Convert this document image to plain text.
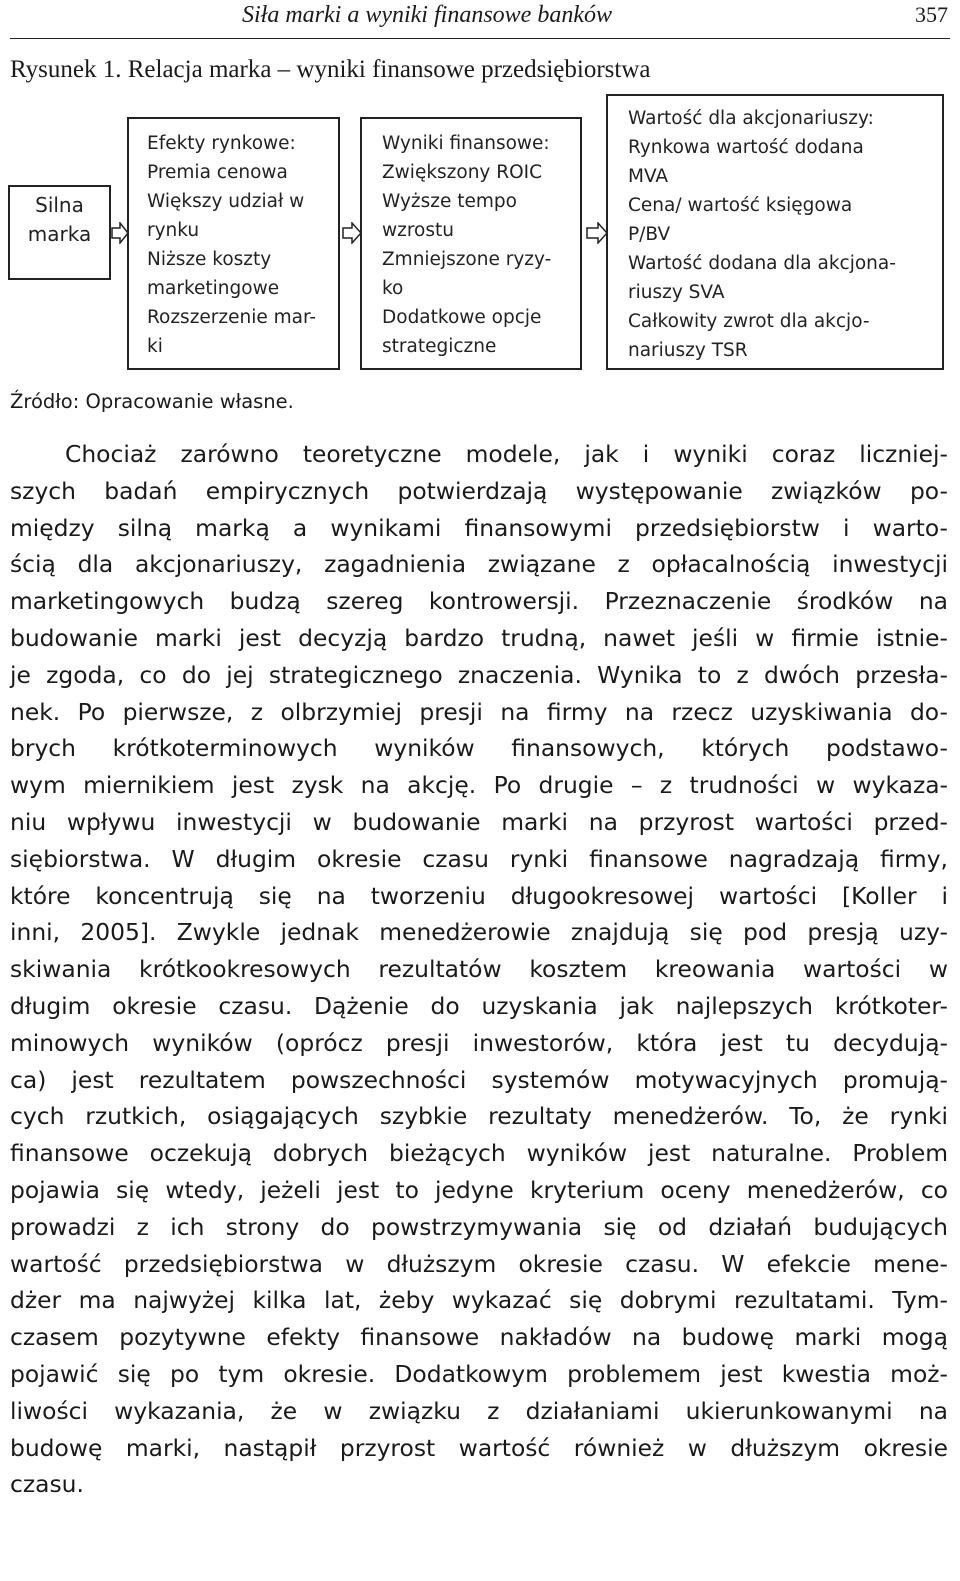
Siła marki a wyniki finansowe banków	357
Rysunek 1. Relacja marka – wyniki finansowe przedsiębiorstwa
Silna
marka
Efekty rynkowe:
Premia cenowa
Większy udział w
rynku
Niższe koszty
marketingowe
Rozszerzenie mar-
ki
Wyniki finansowe:
Zwiększony ROIC
Wyższe tempo
wzrostu
Zmniejszone ryzy-
ko
Dodatkowe opcje
strategiczne
Wartość dla akcjonariuszy:
Rynkowa wartość dodana
MVA
Cena/ wartość księgowa
P/BV
Wartość dodana dla akcjona-
riuszy SVA
Całkowity zwrot dla akcjo-
nariuszy TSR
Źródło: Opracowanie własne.
Chociaż zarówno teoretyczne modele, jak i wyniki coraz liczniej-
szych badań empirycznych potwierdzają występowanie związków po-
między silną marką a wynikami finansowymi przedsiębiorstw i warto-
ścią dla akcjonariuszy, zagadnienia związane z opłacalnością inwestycji
marketingowych budzą szereg kontrowersji. Przeznaczenie środków na
budowanie marki jest decyzją bardzo trudną, nawet jeśli w firmie istnie-
je zgoda, co do jej strategicznego znaczenia. Wynika to z dwóch przesła-
nek. Po pierwsze, z olbrzymiej presji na firmy na rzecz uzyskiwania do-
brych krótkoterminowych wyników finansowych, których podstawo-
wym miernikiem jest zysk na akcję. Po drugie – z trudności w wykaza-
niu wpływu inwestycji w budowanie marki na przyrost wartości przed-
siębiorstwa. W długim okresie czasu rynki finansowe nagradzają firmy,
które koncentrują się na tworzeniu długookresowej wartości [Koller i
inni, 2005]. Zwykle jednak menedżerowie znajdują się pod presją uzy-
skiwania krótkookresowych rezultatów kosztem kreowania wartości w
długim okresie czasu. Dążenie do uzyskania jak najlepszych krótkoter-
minowych wyników (oprócz presji inwestorów, która jest tu decydują-
ca) jest rezultatem powszechności systemów motywacyjnych promują-
cych rzutkich, osiągających szybkie rezultaty menedżerów. To, że rynki
finansowe oczekują dobrych bieżących wyników jest naturalne. Problem
pojawia się wtedy, jeżeli jest to jedyne kryterium oceny menedżerów, co
prowadzi z ich strony do powstrzymywania się od działań budujących
wartość przedsiębiorstwa w dłuższym okresie czasu. W efekcie mene-
dżer ma najwyżej kilka lat, żeby wykazać się dobrymi rezultatami. Tym-
czasem pozytywne efekty finansowe nakładów na budowę marki mogą
pojawić się po tym okresie. Dodatkowym problemem jest kwestia moż-
liwości wykazania, że w związku z działaniami ukierunkowanymi na
budowę marki, nastąpił przyrost wartość również w dłuższym okresie
czasu.
